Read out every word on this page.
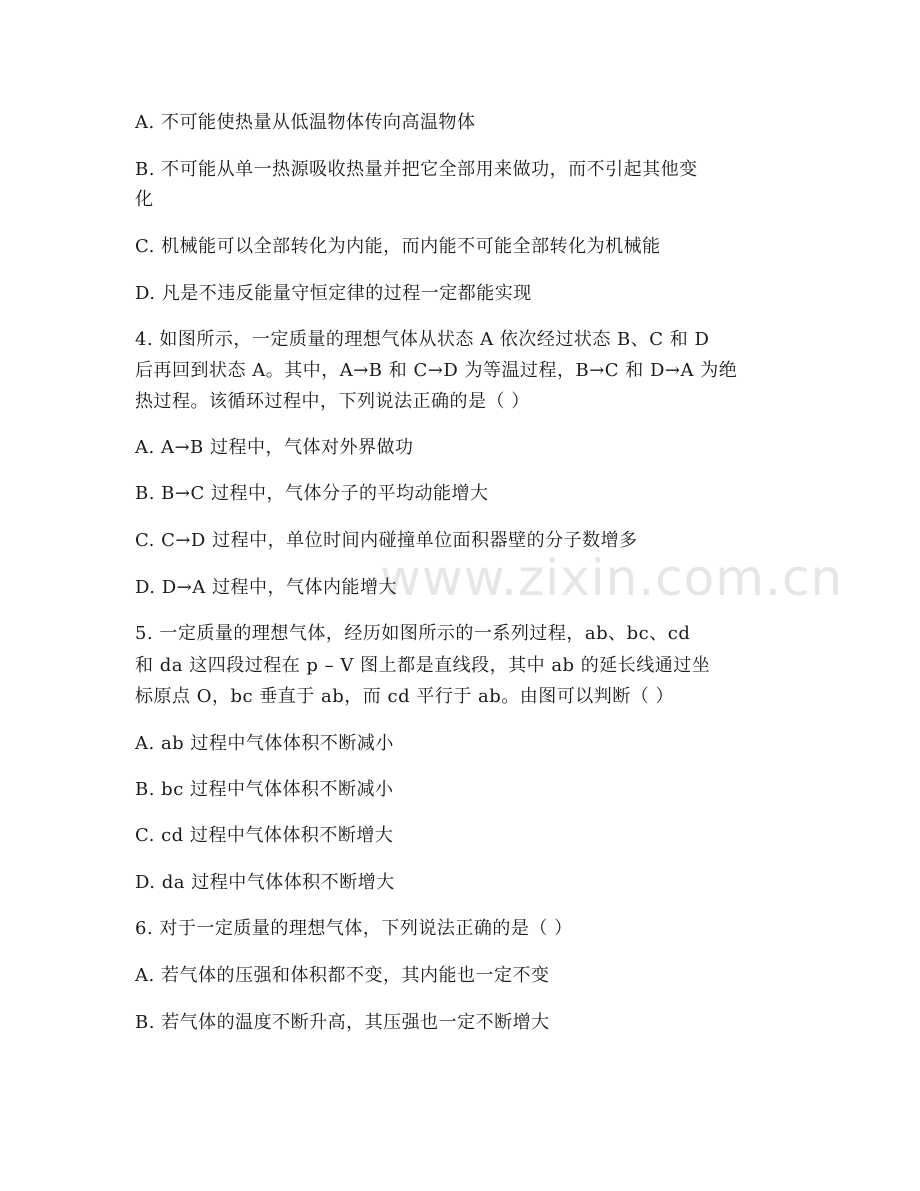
www.zixin.com.cn
A. 不可能使热量从低温物体传向高温物体
B. 不可能从单一热源吸收热量并把它全部用来做功，而不引起其他变
化
C. 机械能可以全部转化为内能，而内能不可能全部转化为机械能
D. 凡是不违反能量守恒定律的过程一定都能实现
4. 如图所示，一定质量的理想气体从状态 A 依次经过状态 B、C 和 D
后再回到状态 A。其中，A→B 和 C→D 为等温过程，B→C 和 D→A 为绝
热过程。该循环过程中，下列说法正确的是（ ）
A. A→B 过程中，气体对外界做功
B. B→C 过程中，气体分子的平均动能增大
C. C→D 过程中，单位时间内碰撞单位面积器壁的分子数增多
D. D→A 过程中，气体内能增大
5. 一定质量的理想气体，经历如图所示的一系列过程，ab、bc、cd
和 da 这四段过程在 p – V 图上都是直线段，其中 ab 的延长线通过坐
标原点 O，bc 垂直于 ab，而 cd 平行于 ab。由图可以判断（ ）
A. ab 过程中气体体积不断减小
B. bc 过程中气体体积不断减小
C. cd 过程中气体体积不断增大
D. da 过程中气体体积不断增大
6. 对于一定质量的理想气体，下列说法正确的是（ ）
A. 若气体的压强和体积都不变，其内能也一定不变
B. 若气体的温度不断升高，其压强也一定不断增大
